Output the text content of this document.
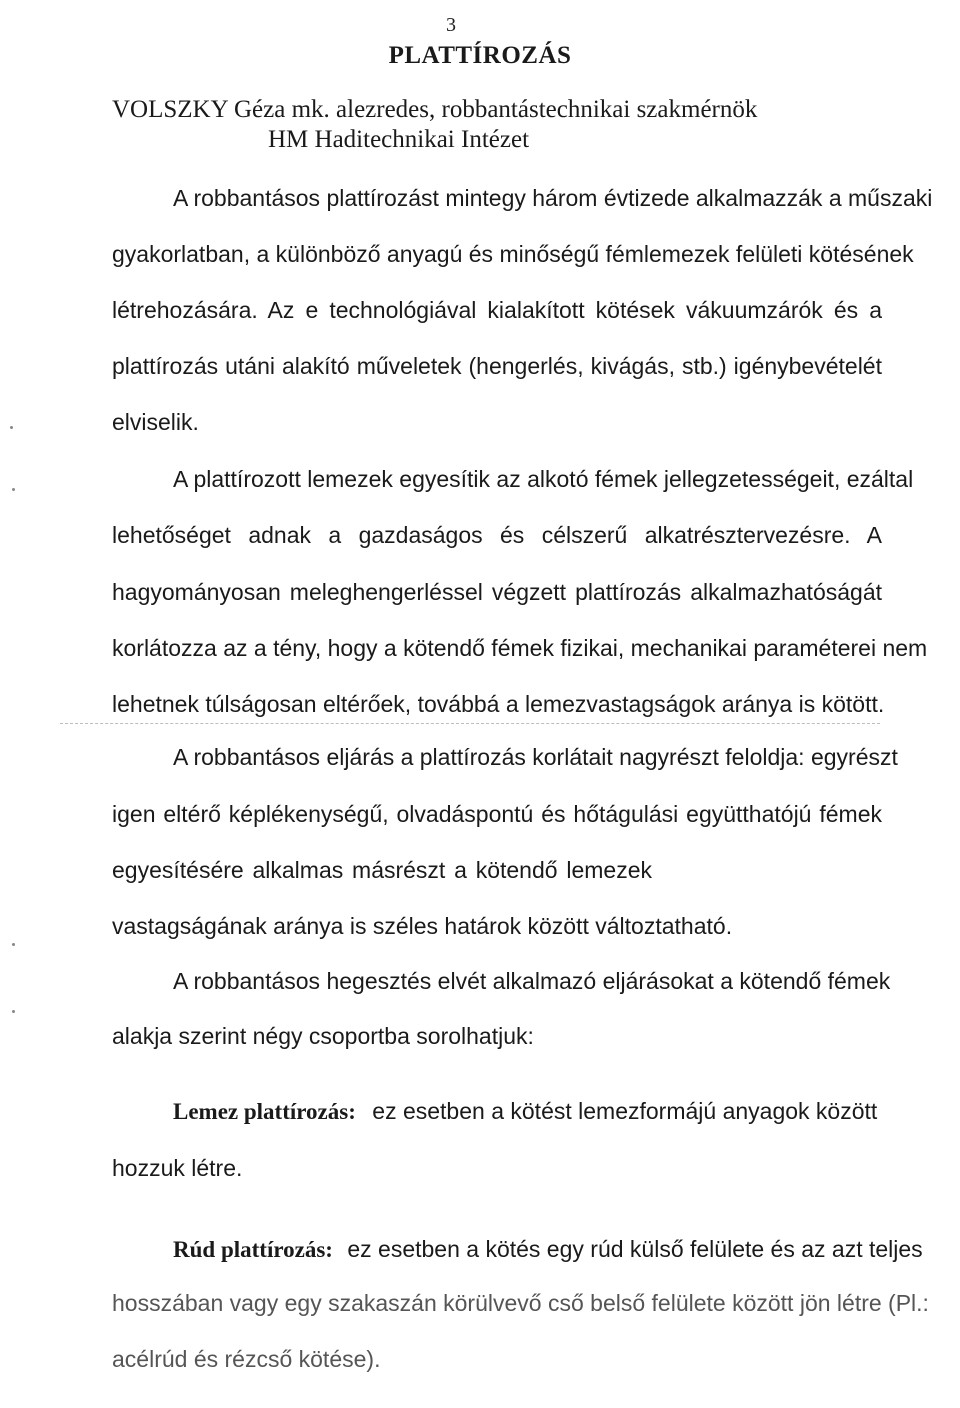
3
PLATTÍROZÁS
VOLSZKY Géza mk. alezredes, robbantástechnikai szakmérnök
HM Haditechnikai Intézet
A robbantásos plattírozást mintegy három évtizede alkalmazzák a műszaki
gyakorlatban, a különböző anyagú és minőségű fémlemezek felületi kötésének
létrehozására. Az e technológiával kialakított kötések vákuumzárók és a
plattírozás utáni alakító műveletek (hengerlés, kivágás, stb.) igénybevételét
elviselik.
A plattírozott lemezek egyesítik az alkotó fémek jellegzetességeit, ezáltal
lehetőséget adnak a gazdaságos és célszerű alkatrésztervezésre. A
hagyományosan meleghengerléssel végzett plattírozás alkalmazhatóságát
korlátozza az a tény, hogy a kötendő fémek fizikai, mechanikai paraméterei nem
lehetnek túlságosan eltérőek, továbbá a lemezvastagságok aránya is kötött.
A robbantásos eljárás a plattírozás korlátait nagyrészt feloldja: egyrészt
igen eltérő képlékenységű, olvadáspontú és hőtágulási együtthatójú fémek
egyesítésére alkalmas másrészt a kötendő lemezek
vastagságának aránya is széles határok között változtatható.
A robbantásos hegesztés elvét alkalmazó eljárásokat a kötendő fémek
alakja szerint négy csoportba sorolhatjuk:
Lemez plattírozás: ez esetben a kötést lemezformájú anyagok között
hozzuk létre.
Rúd plattírozás: ez esetben a kötés egy rúd külső felülete és az azt teljes
hosszában vagy egy szakaszán körülvevő cső belső felülete között jön létre (Pl.:
acélrúd és rézcső kötése).
